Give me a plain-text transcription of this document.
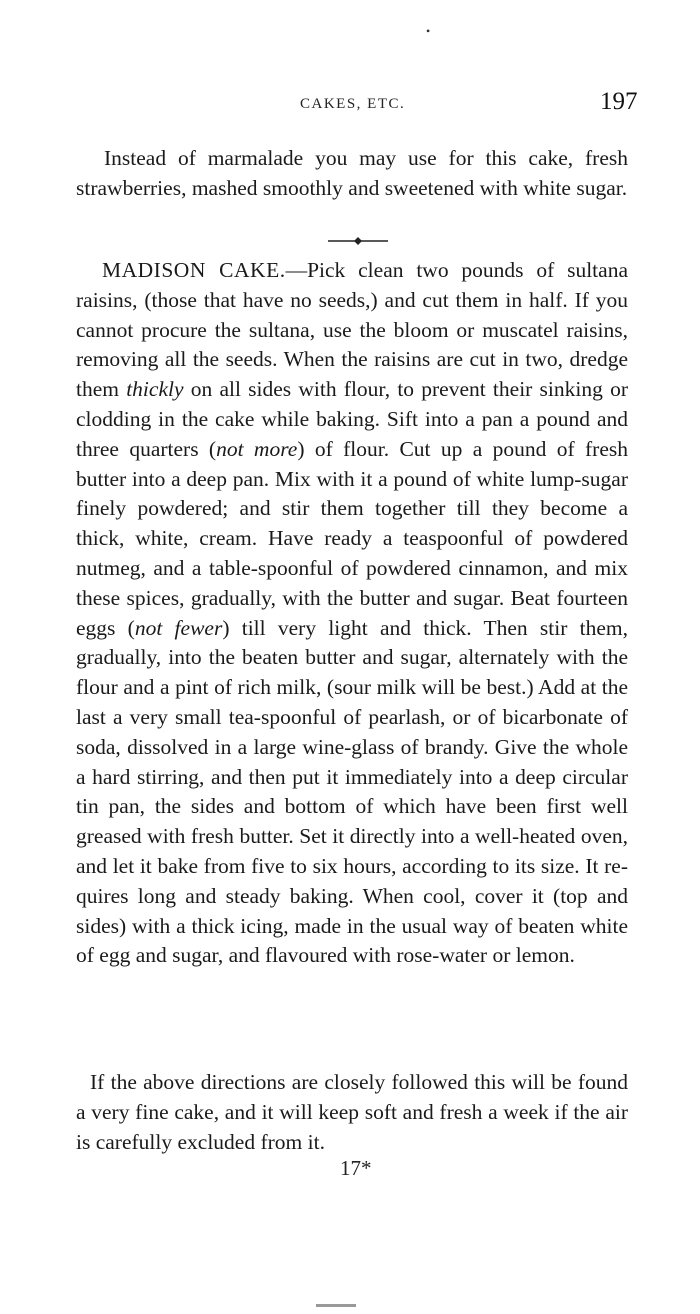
•
CAKES, ETC.	197

Instead of marmalade you may use for this cake, fresh strawberries, mashed smoothly and sweetened with white sugar.

MADISON CAKE.—Pick clean two pounds of sultana raisins, (those that have no seeds,) and cut them in half. If you cannot procure the sultana, use the bloom or muscatel raisins, removing all the seeds. When the raisins are cut in two, dredge them thickly on all sides with flour, to prevent their sinking or clodding in the cake while baking. Sift into a pan a pound and three quarters (not more) of flour. Cut up a pound of fresh butter into a deep pan. Mix with it a pound of white lump-sugar finely powdered; and stir them together till they become a thick, white, cream. Have ready a teaspoonful of powdered nutmeg, and a table-spoonful of powdered cinnamon, and mix these spices, gradually, with the butter and sugar. Beat fourteen eggs (not fewer) till very light and thick. Then stir them, gradually, into the beaten butter and sugar, alternately with the flour and a pint of rich milk, (sour milk will be best.) Add at the last a very small tea-spoonful of pearlash, or of bicarbonate of soda, dissolved in a large wine-glass of brandy. Give the whole a hard stirring, and then put it immediately into a deep circular tin pan, the sides and bottom of which have been first well greased with fresh butter. Set it directly into a well-heated oven, and let it bake from five to six hours, according to its size. It requires long and steady baking. When cool, cover it (top and sides) with a thick icing, made in the usual way of beaten white of egg and sugar, and flavoured with rose-water or lemon.

If the above directions are closely followed this will be found a very fine cake, and it will keep soft and fresh a week if the air is carefully excluded from it.

17*
